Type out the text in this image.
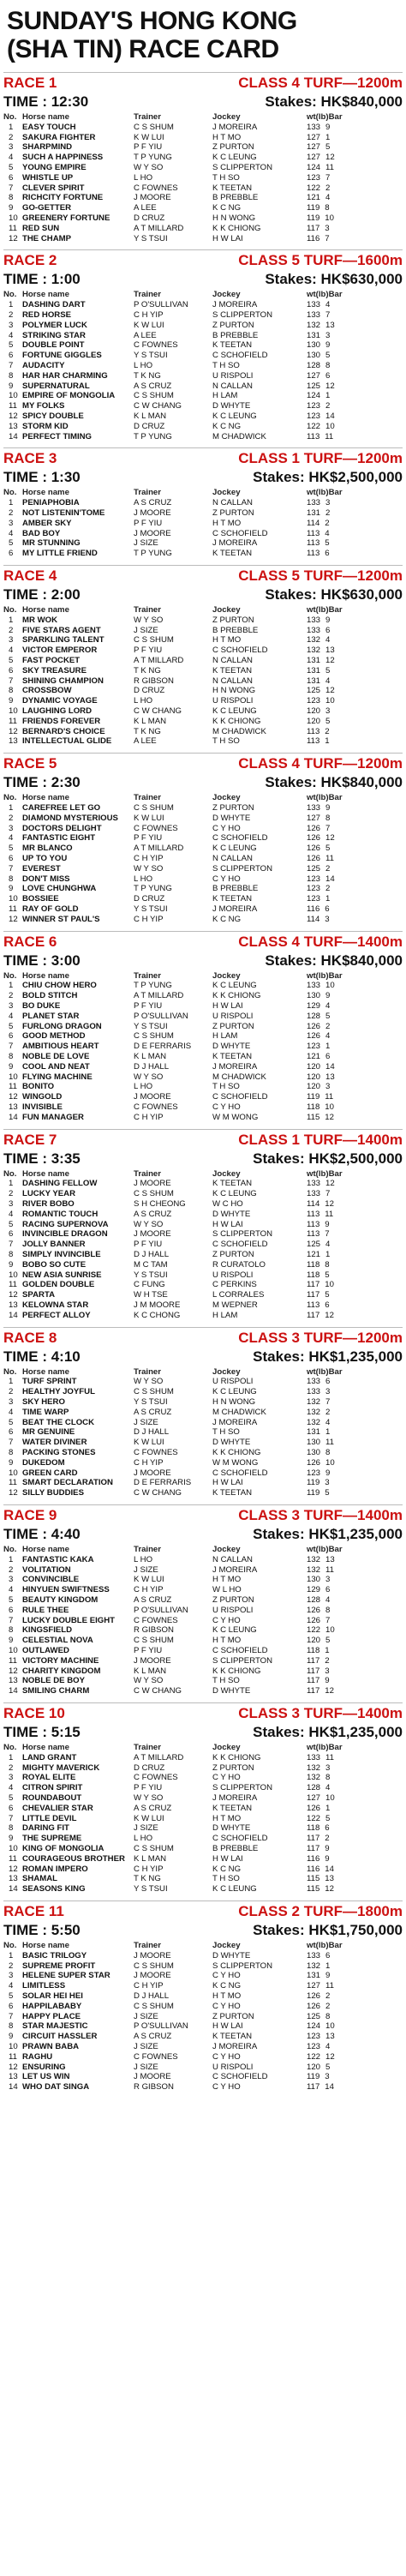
SUNDAY'S HONG KONG
(SHA TIN) RACE CARD
RACE 1	CLASS 4 TURF—1200m
TIME : 12:30	Stakes: HK$840,000
No. Horse name	Trainer	Jockey	wt(lb)Bar
1	EASY TOUCH	C S SHUM	J MOREIRA	133 9
2	SAKURA FIGHTER	K W LUI	H T MO	127 1
3	SHARPMIND	P F YIU	Z PURTON	127 5
4	SUCH A HAPPINESS	T P YUNG	K C LEUNG	127 12
5	YOUNG EMPIRE	W Y SO	S CLIPPERTON	124 11
6	WHISTLE UP	L HO	T H SO	123 7
7	CLEVER SPIRIT	C FOWNES	K TEETAN	122 2
8	RICHCITY FORTUNE	J MOORE	B PREBBLE	121 4
9	GO-GETTER	A LEE	K C NG	119 8
10 GREENERY FORTUNE	D CRUZ	H N WONG	119 10
11 RED SUN	A T MILLARD	K K CHIONG	117 3
12 THE CHAMP	Y S TSUI	H W LAI	116 7
RACE 2	CLASS 5 TURF—1600m
TIME : 1:00	Stakes: HK$630,000
No. Horse name	Trainer	Jockey	wt(lb)Bar
1	DASHING DART	P O'SULLIVAN	J MOREIRA	133 4
2	RED HORSE	C H YIP	S CLIPPERTON	133 7
3	POLYMER LUCK	K W LUI	Z PURTON	132 13
4	STRIKING STAR	A LEE	B PREBBLE	131 3
5	DOUBLE POINT	C FOWNES	K TEETAN	130 9
6	FORTUNE GIGGLES	Y S TSUI	C SCHOFIELD	130 5
7	AUDACITY	L HO	T H SO	128 8
8	HAR HAR CHARMING	T K NG	U RISPOLI	127 6
9	SUPERNATURAL	A S CRUZ	N CALLAN	125 12
10 EMPIRE OF MONGOLIA	C S SHUM	H LAM	124 1
11 MY FOLKS	C W CHANG	D WHYTE	123 2
12 SPICY DOUBLE	K L MAN	K C LEUNG	123 14
13 STORM KID	D CRUZ	K C NG	122 10
14 PERFECT TIMING	T P YUNG	M CHADWICK	113 11
RACE 3	CLASS 1 TURF—1200m
TIME : 1:30	Stakes: HK$2,500,000
No. Horse name	Trainer	Jockey	wt(lb)Bar
1	PENIAPHOBIA	A S CRUZ	N CALLAN	133 3
2	NOT LISTENIN'TOME	J MOORE	Z PURTON	131 2
3	AMBER SKY	P F YIU	H T MO	114 2
4	BAD BOY	J MOORE	C SCHOFIELD	113 4
5	MR STUNNING	J SIZE	J MOREIRA	113 5
6	MY LITTLE FRIEND	T P YUNG	K TEETAN	113 6
RACE 4	CLASS 5 TURF—1200m
TIME : 2:00	Stakes: HK$630,000
No. Horse name	Trainer	Jockey	wt(lb)Bar
1	MR WOK	W Y SO	Z PURTON	133 9
2	FIVE STARS AGENT	J SIZE	B PREBBLE	133 6
3	SPARKLING TALENT	C S SHUM	H T MO	132 4
4	VICTOR EMPEROR	P F YIU	C SCHOFIELD	132 13
5	FAST POCKET	A T MILLARD	N CALLAN	131 12
6	SKY TREASURE	T K NG	K TEETAN	131 5
7	SHINING CHAMPION	R GIBSON	N CALLAN	131 4
8	CROSSBOW	D CRUZ	H N WONG	125 12
9	DYNAMIC VOYAGE	L HO	U RISPOLI	123 10
10 LAUGHING LORD	C W CHANG	K C LEUNG	120 3
11 FRIENDS FOREVER	K L MAN	K K CHIONG	120 5
12 BERNARD'S CHOICE	T K NG	M CHADWICK	113 2
13 INTELLECTUAL GLIDE	A LEE	T H SO	113 1
RACE 5	CLASS 4 TURF—1200m
TIME : 2:30	Stakes: HK$840,000
No. Horse name	Trainer	Jockey	wt(lb)Bar
1	CAREFREE LET GO	C S SHUM	Z PURTON	133 9
2	DIAMOND MYSTERIOUS	K W LUI	D WHYTE	127 8
3	DOCTORS DELIGHT	C FOWNES	C Y HO	126 7
4	FANTASTIC EIGHT	P F YIU	C SCHOFIELD	126 12
5	MR BLANCO	A T MILLARD	K C LEUNG	126 5
6	UP TO YOU	C H YIP	N CALLAN	126 11
7	EVEREST	W Y SO	S CLIPPERTON	125 2
8	DON'T MISS	L HO	C Y HO	123 14
9	LOVE CHUNGHWA	T P YUNG	B PREBBLE	123 2
10 BOSSIEE	D CRUZ	K TEETAN	123 1
11 RAY OF GOLD	Y S TSUI	J MOREIRA	116 6
12 WINNER ST PAUL'S	C H YIP	K C NG	114 3
RACE 6	CLASS 4 TURF—1400m
TIME : 3:00	Stakes: HK$840,000
No. Horse name	Trainer	Jockey	wt(lb)Bar
1	CHIU CHOW HERO	T P YUNG	K C LEUNG	133 10
2	BOLD STITCH	A T MILLARD	K K CHIONG	130 9
3	BO DUKE	P F YIU	H W LAI	129 4
4	PLANET STAR	P O'SULLIVAN	U RISPOLI	128 5
5	FURLONG DRAGON	Y S TSUI	Z PURTON	126 2
6	GOOD METHOD	C S SHUM	H LAM	126 4
7	AMBITIOUS HEART	D E FERRARIS	D WHYTE	123 1
8	NOBLE DE LOVE	K L MAN	K TEETAN	121 6
9	COOL AND NEAT	D J HALL	J MOREIRA	120 14
10 FLYING MACHINE	W Y SO	M CHADWICK	120 13
11 BONITO	L HO	T H SO	120 3
12 WINGOLD	J MOORE	C SCHOFIELD	119 11
13 INVISIBLE	C FOWNES	C Y HO	118 10
14 FUN MANAGER	C H YIP	W M WONG	115 12
RACE 7	CLASS 1 TURF—1400m
TIME : 3:35	Stakes: HK$2,500,000
No. Horse name	Trainer	Jockey	wt(lb)Bar
1	DASHING FELLOW	J MOORE	K TEETAN	133 12
2	LUCKY YEAR	C S SHUM	K C LEUNG	133 7
3	RIVER BOBO	S H CHEONG	W C HO	114 12
4	ROMANTIC TOUCH	A S CRUZ	D WHYTE	113 11
5	RACING SUPERNOVA	W Y SO	H W LAI	113 9
6	INVINCIBLE DRAGON	J MOORE	S CLIPPERTON	113 7
7	JOLLY BANNER	P F YIU	C SCHOFIELD	125 4
8	SIMPLY INVINCIBLE	D J HALL	Z PURTON	121 1
9	BOBO SO CUTE	M C TAM	R CURATOLO	118 8
10 NEW ASIA SUNRISE	Y S TSUI	U RISPOLI	118 5
11 GOLDEN DOUBLE	C FUNG	C PERKINS	117 10
12 SPARTA	W H TSE	L CORRALES	117 5
13 KELOWNA STAR	J M MOORE	M WEPNER	113 6
14 PERFECT ALLOY	K C CHONG	H LAM	117 12
RACE 8	CLASS 3 TURF—1200m
TIME : 4:10	Stakes: HK$1,235,000
No. Horse name	Trainer	Jockey	wt(lb)Bar
1	TURF SPRINT	W Y SO	U RISPOLI	133 6
2	HEALTHY JOYFUL	C S SHUM	K C LEUNG	133 3
3	SKY HERO	Y S TSUI	H N WONG	132 7
4	TIME WARP	A S CRUZ	M CHADWICK	132 2
5	BEAT THE CLOCK	J SIZE	J MOREIRA	132 4
6	MR GENUINE	D J HALL	T H SO	131 1
7	WATER DIVINER	K W LUI	D WHYTE	130 11
8	PACKING STONES	C FOWNES	K K CHIONG	130 8
9	DUKEDOM	C H YIP	W M WONG	126 10
10 GREEN CARD	J MOORE	C SCHOFIELD	123 9
11 SMART DECLARATION	D E FERRARIS	H W LAI	119 3
12 SILLY BUDDIES	C W CHANG	K TEETAN	119 5
RACE 9	CLASS 3 TURF—1400m
TIME : 4:40	Stakes: HK$1,235,000
No. Horse name	Trainer	Jockey	wt(lb)Bar
1	FANTASTIC KAKA	L HO	N CALLAN	132 13
2	VOLITATION	J SIZE	J MOREIRA	132 11
3	CONVINCIBLE	K W LUI	H T MO	130 3
4	HINYUEN SWIFTNESS	C H YIP	W L HO	129 6
5	BEAUTY KINGDOM	A S CRUZ	Z PURTON	128 4
6	RULE THEE	P O'SULLIVAN	U RISPOLI	126 8
7	LUCKY DOUBLE EIGHT	C FOWNES	C Y HO	126 7
8	KINGSFIELD	R GIBSON	K C LEUNG	122 10
9	CELESTIAL NOVA	C S SHUM	H T MO	120 5
10 OUTLAWED	P F YIU	C SCHOFIELD	118 1
11 VICTORY MACHINE	J MOORE	S CLIPPERTON	117 2
12 CHARITY KINGDOM	K L MAN	K K CHIONG	117 3
13 NOBLE DE BOY	W Y SO	T H SO	117 9
14 SMILING CHARM	C W CHANG	D WHYTE	117 12
RACE 10	CLASS 3 TURF—1400m
TIME : 5:15	Stakes: HK$1,235,000
No. Horse name	Trainer	Jockey	wt(lb)Bar
1	LAND GRANT	A T MILLARD	K K CHIONG	133 11
2	MIGHTY MAVERICK	D CRUZ	Z PURTON	132 3
3	ROYAL ELITE	C FOWNES	C Y HO	132 8
4	CITRON SPIRIT	P F YIU	S CLIPPERTON	128 4
5	ROUNDABOUT	W Y SO	J MOREIRA	127 10
6	CHEVALIER STAR	A S CRUZ	K TEETAN	126 1
7	LITTLE DEVIL	K W LUI	H T MO	122 5
8	DARING FIT	J SIZE	D WHYTE	118 6
9	THE SUPREME	L HO	C SCHOFIELD	117 2
10 KING OF MONGOLIA	C S SHUM	B PREBBLE	117 9
11 COURAGEOUS BROTHER	K L MAN	H W LAI	116 9
12 ROMAN IMPERO	C H YIP	K C NG	116 14
13 SHAMAL	T K NG	T H SO	115 13
14 SEASONS KING	Y S TSUI	K C LEUNG	115 12
RACE 11	CLASS 2 TURF—1800m
TIME : 5:50	Stakes: HK$1,750,000
No. Horse name	Trainer	Jockey	wt(lb)Bar
1	BASIC TRILOGY	J MOORE	D WHYTE	133 6
2	SUPREME PROFIT	C S SHUM	S CLIPPERTON	132 1
3	HELENE SUPER STAR	J MOORE	C Y HO	131 9
4	LIMITLESS	C H YIP	K C NG	127 11
5	SOLAR HEI HEI	D J HALL	H T MO	126 2
6	HAPPILABABY	C S SHUM	C Y HO	126 2
7	HAPPY PLACE	J SIZE	Z PURTON	125 8
8	STAR MAJESTIC	P O'SULLIVAN	H W LAI	124 10
9	CIRCUIT HASSLER	A S CRUZ	K TEETAN	123 13
10 PRAWN BABA	J SIZE	J MOREIRA	123 4
11 RAGHU	C FOWNES	C Y HO	122 12
12 ENSURING	J SIZE	U RISPOLI	120 5
13 LET US WIN	J MOORE	C SCHOFIELD	119 3
14 WHO DAT SINGA	R GIBSON	C Y HO	117 14
